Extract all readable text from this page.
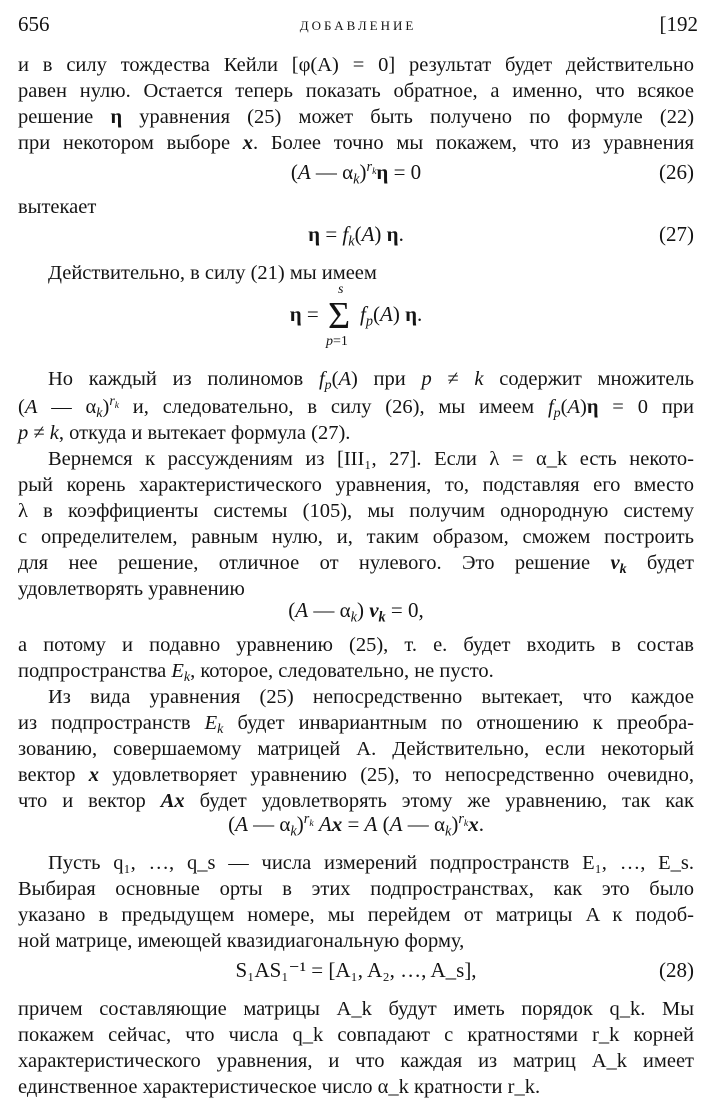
656	ДОБАВЛЕНИЕ	[192
и в силу тождества Кейли [φ(A) = 0] результат будет действительно
равен нулю. Остается теперь показать обратное, а именно, что всякое
решение η уравнения (25) может быть получено по формуле (22)
при некотором выборе x. Более точно мы покажем, что из уравнения
(A — $\alpha_k)^{r_k}\eta = 0$	(26)
вытекает
$\eta = f_k(A)$ η.	(27)
Действительно, в силу (21) мы имеем
η =
s
Σ
p=1
$f_p(A)$ η.
Но каждый из полиномов $f_p(A)$ при p ≠ k содержит множитель
(A — $\alpha_k)^{r_k}$ и, следовательно, в силу (26), мы имеем $f_p(A)\eta = 0$ при
p ≠ k, откуда и вытекает формула (27).
Вернемся к рассуждениям из [III₁, 27]. Если λ = α_k есть некото-
рый корень характеристического уравнения, то, подставляя его вместо
λ в коэффициенты системы (105), мы получим однородную систему
с определителем, равным нулю, и, таким образом, сможем построить
для нее решение, отличное от нулевого. Это решение $v_k$ будет
удовлетворять уравнению
(A — $\alpha_k$) $v_k = 0$,
а потому и подавно уравнению (25), т. е. будет входить в состав
подпространства $E_k$, которое, следовательно, не пусто.
Из вида уравнения (25) непосредственно вытекает, что каждое
из подпространств $E_k$ будет инвариантным по отношению к преобра-
зованию, совершаемому матрицей A. Действительно, если некоторый
вектор x удовлетворяет уравнению (25), то непосредственно очевидно,
что и вектор Ax будет удовлетворять этому же уравнению, так как
(A — $\alpha_k)^{r_k}$ Ax = A (A — $\alpha_k)^{r_k}x$.
Пусть q₁, …, q_s — числа измерений подпространств E₁, …, E_s.
Выбирая основные орты в этих подпространствах, как это было
указано в предыдущем номере, мы перейдем от матрицы A к подоб-
ной матрице, имеющей квазидиагональную форму,
S₁AS₁⁻¹ = [A₁, A₂, …, A_s],	(28)
причем составляющие матрицы A_k будут иметь порядок q_k. Мы
покажем сейчас, что числа q_k совпадают с кратностями r_k корней
характеристического уравнения, и что каждая из матриц A_k имеет
единственное характеристическое число α_k кратности r_k.
